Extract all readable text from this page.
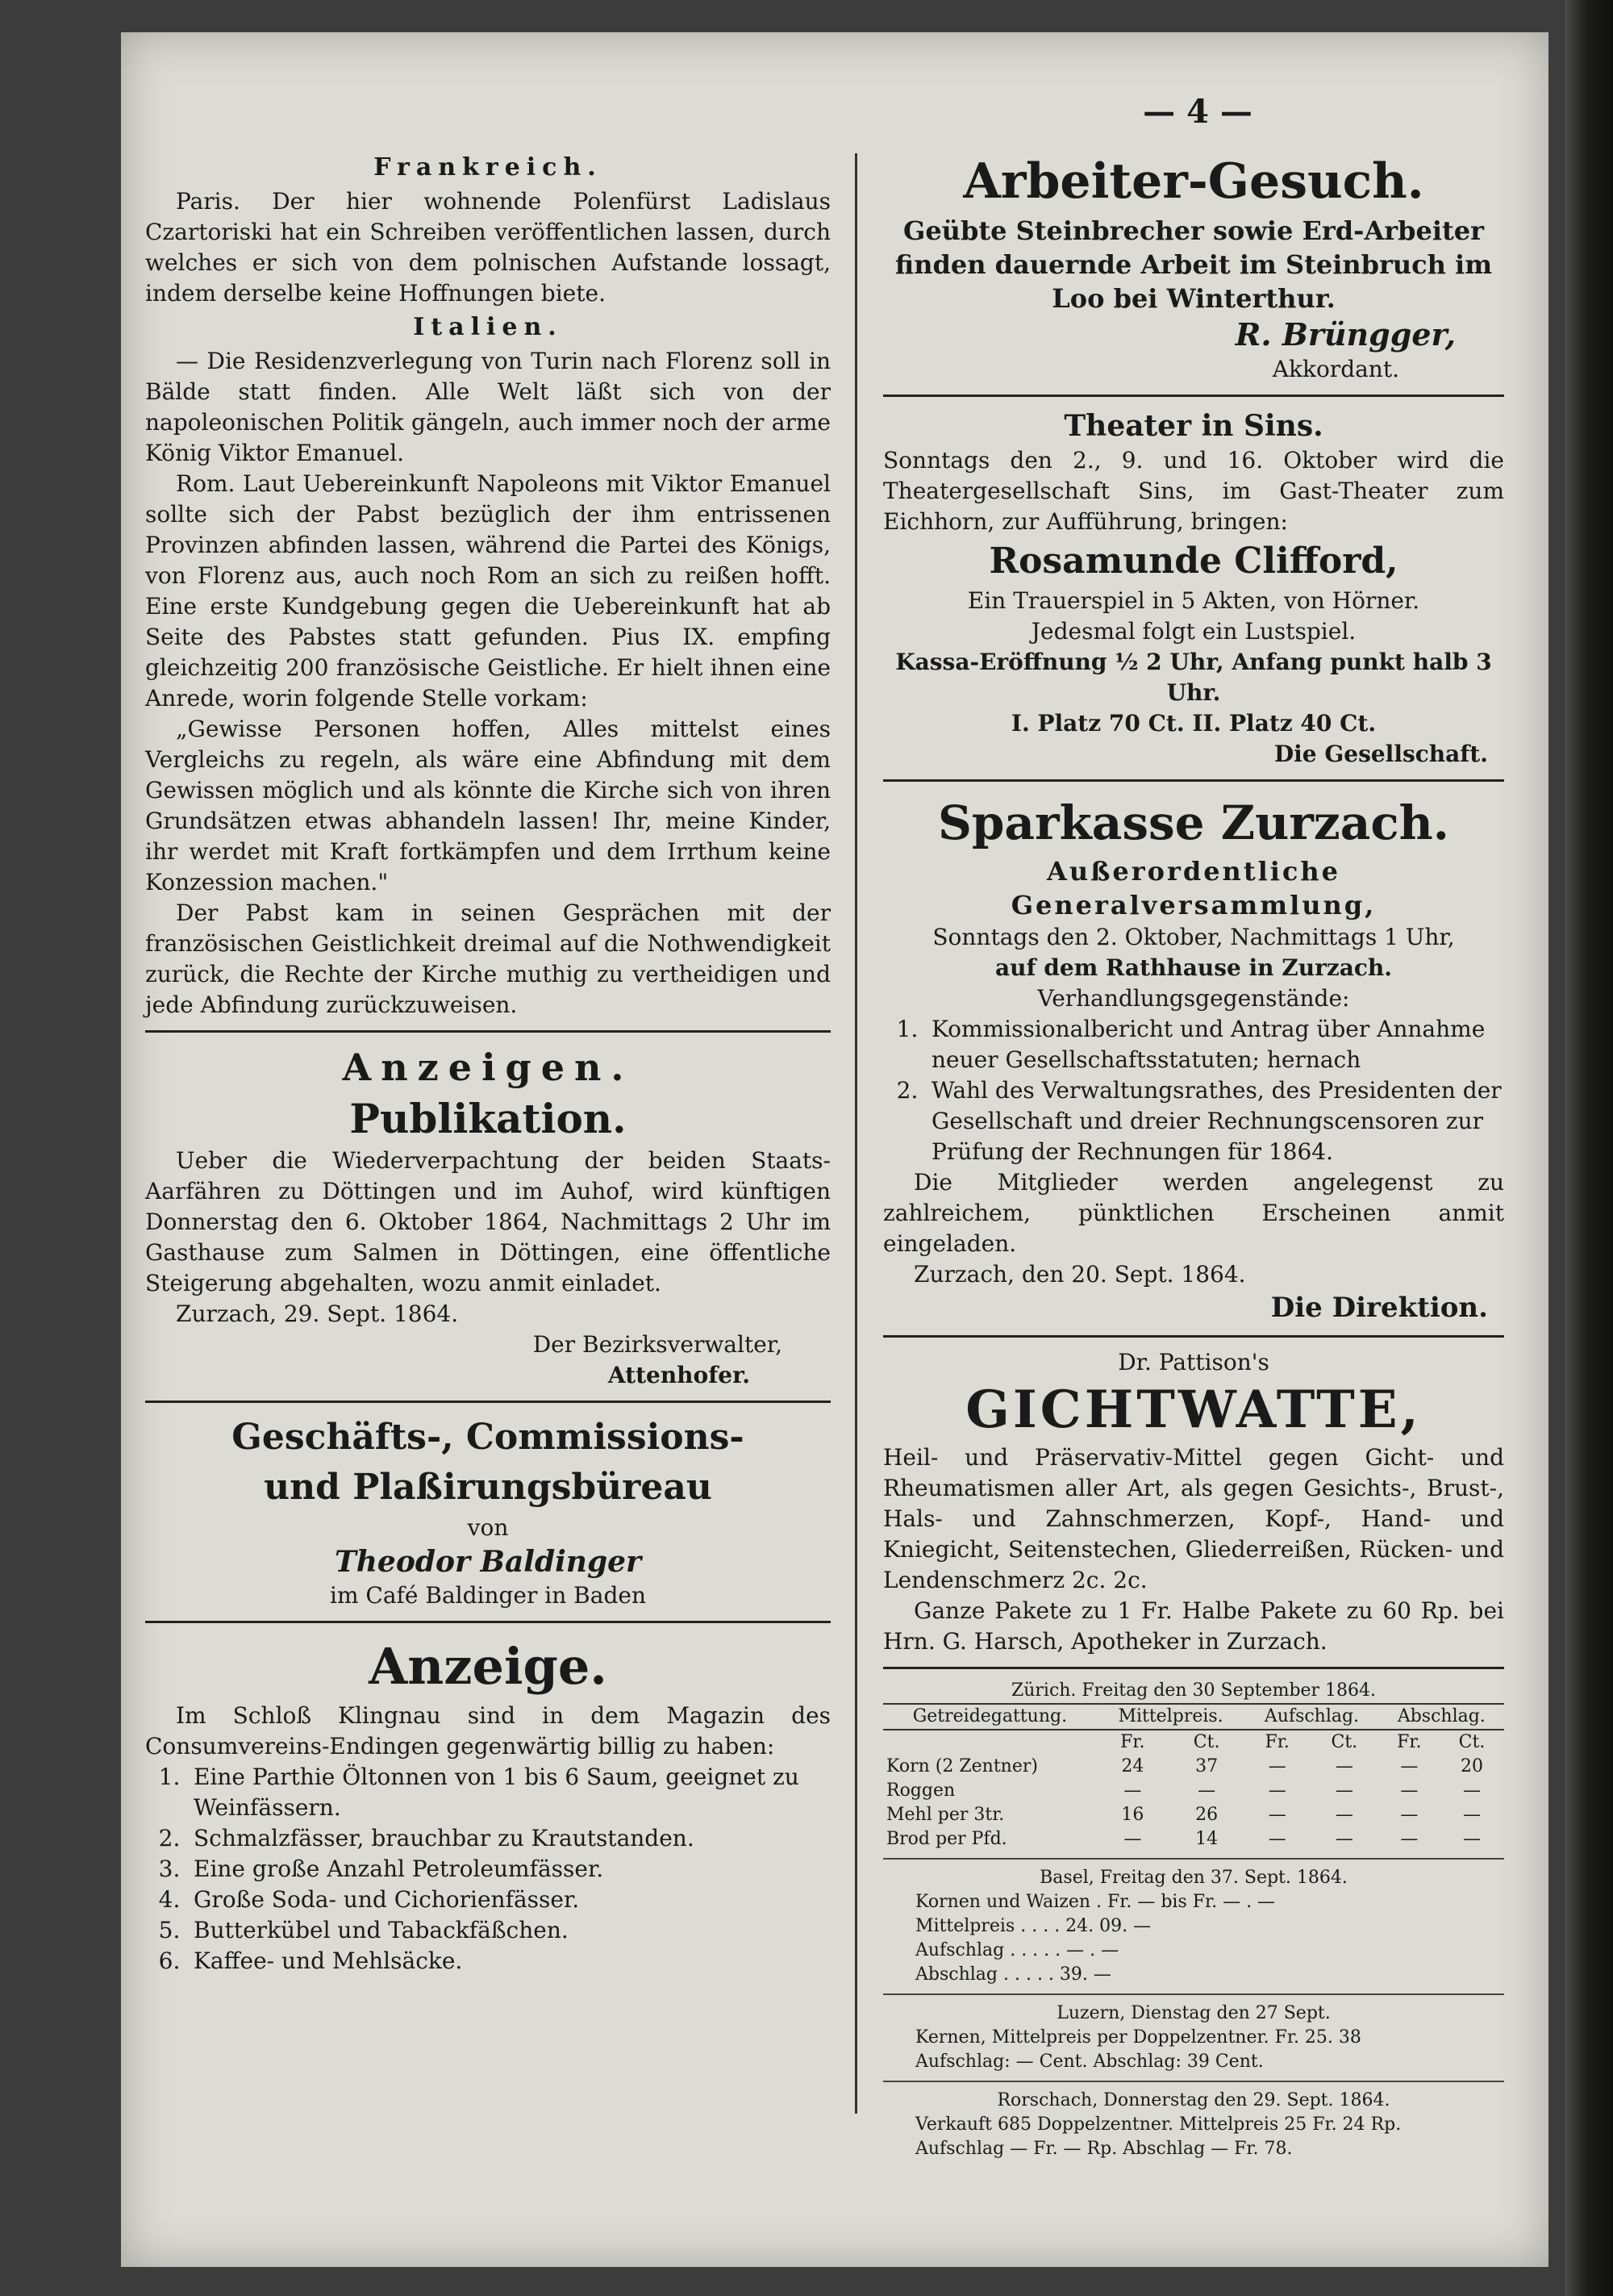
— 4 —
Frankreich.

Paris. Der hier wohnende Polenfürst Ladislaus Czartoriski hat ein Schreiben veröffentlichen lassen, durch welches er sich von dem polnischen Aufstande lossagt, indem derselbe keine Hoffnungen biete.

Italien.

— Die Residenzverlegung von Turin nach Florenz soll in Bälde statt finden. Alle Welt läßt sich von der napoleonischen Politik gängeln, auch immer noch der arme König Viktor Emanuel.

Rom. Laut Uebereinkunft Napoleons mit Viktor Emanuel sollte sich der Pabst bezüglich der ihm entrissenen Provinzen abfinden lassen, während die Partei des Königs, von Florenz aus, auch noch Rom an sich zu reißen hofft. Eine erste Kundgebung gegen die Uebereinkunft hat ab Seite des Pabstes statt gefunden. Pius IX. empfing gleichzeitig 200 französische Geistliche. Er hielt ihnen eine Anrede, worin folgende Stelle vorkam:

„Gewisse Personen hoffen, Alles mittelst eines Vergleichs zu regeln, als wäre eine Abfindung mit dem Gewissen möglich und als könnte die Kirche sich von ihren Grundsätzen etwas abhandeln lassen! Ihr, meine Kinder, ihr werdet mit Kraft fortkämpfen und dem Irrthum keine Konzession machen."

Der Pabst kam in seinen Gesprächen mit der französischen Geistlichkeit dreimal auf die Nothwendigkeit zurück, die Rechte der Kirche muthig zu vertheidigen und jede Abfindung zurückzuweisen.

Anzeigen.
Publikation.

Ueber die Wiederverpachtung der beiden Staats-Aarfähren zu Döttingen und im Auhof, wird künftigen Donnerstag den 6. Oktober 1864, Nachmittags 2 Uhr im Gasthause zum Salmen in Döttingen, eine öffentliche Steigerung abgehalten, wozu anmit einladet.

Zurzach, 29. Sept. 1864.

Der Bezirksverwalter,

Attenhofer.

Geschäfts-, Commissions-
und Plaßirungsbüreau
von
Theodor Baldinger
im Café Baldinger in Baden
Anzeige.

Im Schloß Klingnau sind in dem Magazin des Consumvereins-Endingen gegenwärtig billig zu haben:

1. Eine Parthie Öltonnen von 1 bis 6 Saum, geeignet zu Weinfässern.
2. Schmalzfässer, brauchbar zu Krautstanden.
3. Eine große Anzahl Petroleumfässer.
4. Große Soda- und Cichorienfässer.
5. Butterkübel und Tabackfäßchen.
6. Kaffee- und Mehlsäcke.
Arbeiter-Gesuch.

Geübte Steinbrecher sowie Erd-Arbeiter finden dauernde Arbeit im Steinbruch im Loo bei Winterthur.

R. Brüngger,

Akkordant.

Theater in Sins.

Sonntags den 2., 9. und 16. Oktober wird die Theatergesellschaft Sins, im Gast-Theater zum Eichhorn, zur Aufführung, bringen:

Rosamunde Clifford,

Ein Trauerspiel in 5 Akten, von Hörner.

Jedesmal folgt ein Lustspiel.

Kassa-Eröffnung ½ 2 Uhr, Anfang punkt halb 3 Uhr.

I. Platz 70 Ct. II. Platz 40 Ct.

Die Gesellschaft.

Sparkasse Zurzach.

Außerordentliche Generalversammlung,

Sonntags den 2. Oktober, Nachmittags 1 Uhr,

auf dem Rathhause in Zurzach.

Verhandlungsgegenstände:

1. Kommissionalbericht und Antrag über Annahme neuer Gesellschaftsstatuten; hernach
2. Wahl des Verwaltungsrathes, des Presidenten der Gesellschaft und dreier Rechnungscensoren zur Prüfung der Rechnungen für 1864.

Die Mitglieder werden angelegenst zu zahlreichem, pünktlichen Erscheinen anmit eingeladen.

Zurzach, den 20. Sept. 1864.

Die Direktion.

Dr. Pattison's

GICHTWATTE,

Heil- und Präservativ-Mittel gegen Gicht- und Rheumatismen aller Art, als gegen Gesichts-, Brust-, Hals- und Zahnschmerzen, Kopf-, Hand- und Kniegicht, Seitenstechen, Gliederreißen, Rücken- und Lendenschmerz 2c. 2c.

Ganze Pakete zu 1 Fr. Halbe Pakete zu 60 Rp. bei Hrn. G. Harsch, Apotheker in Zurzach.

Zürich. Freitag den 30 September 1864.

Getreidegattung.	Mittelpreis.		Aufschlag.		Abschlag.	
	Fr.	Ct.	Fr.	Ct.	Fr.	Ct.
Korn (2 Zentner)	24	37	—	—	—	20
Roggen	—	—	—	—	—	—
Mehl per 3tr.	16	26	—	—	—	—
Brod per Pfd.	—	14	—	—	—	—

Basel, Freitag den 37. Sept. 1864.

Kornen und Waizen . Fr. — bis Fr. — . —

Mittelpreis . . . . 24. 09. —

Aufschlag . . . . . — . —

Abschlag . . . . . 39. —

Luzern, Dienstag den 27 Sept.

Kernen, Mittelpreis per Doppelzentner. Fr. 25. 38

Aufschlag: — Cent. Abschlag: 39 Cent.

Rorschach, Donnerstag den 29. Sept. 1864.

Verkauft 685 Doppelzentner. Mittelpreis 25 Fr. 24 Rp.

Aufschlag — Fr. — Rp. Abschlag — Fr. 78.
